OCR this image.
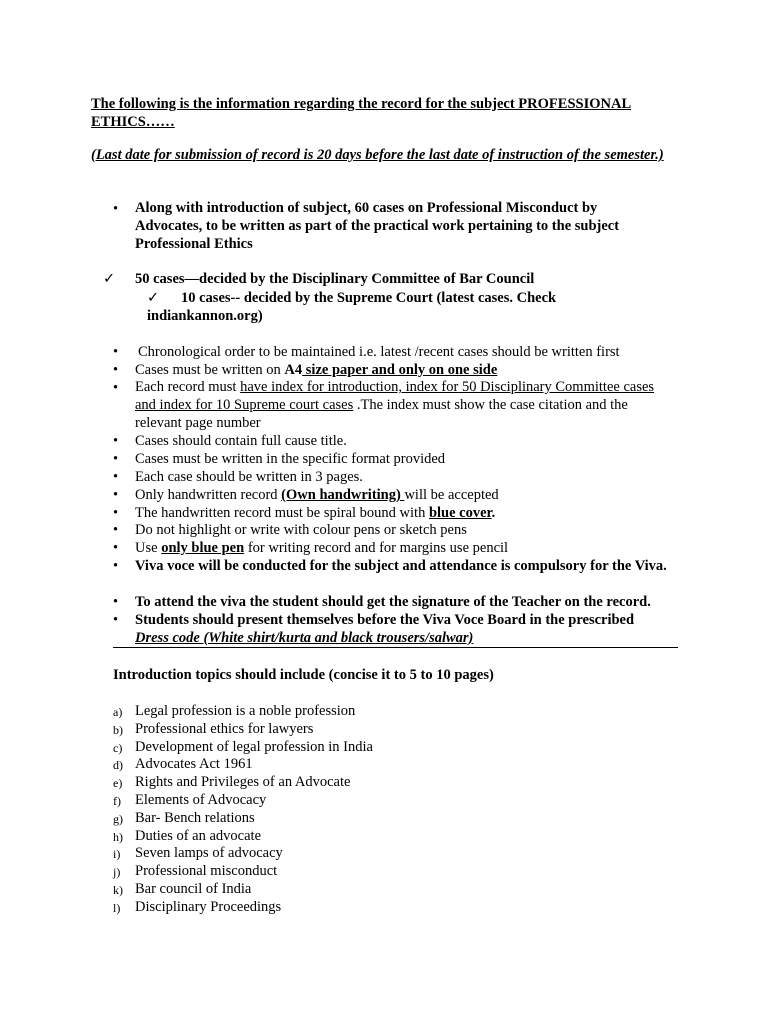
The following is the information regarding the record for the subject PROFESSIONAL ETHICS……
(Last date for submission of record is 20 days before the last date of instruction of the semester.)
• Along with introduction of subject, 60 cases on Professional Misconduct by Advocates, to be written as part of the practical work pertaining to the subject Professional Ethics
✓ 50 cases—decided by the Disciplinary Committee of Bar Council
✓ 10 cases-- decided by the Supreme Court (latest cases. Check
indiankannon.org)
• Chronological order to be maintained i.e. latest /recent cases should be written first
• Cases must be written on A4 size paper and only on one side
• Each record must have index for introduction, index for 50 Disciplinary Committee cases and index for 10 Supreme court cases .The index must show the case citation and the relevant page number
• Cases should contain full cause title.
• Cases must be written in the specific format provided
• Each case should be written in 3 pages.
• Only handwritten record (Own handwriting) will be accepted
• The handwritten record must be spiral bound with blue cover.
• Do not highlight or write with colour pens or sketch pens
• Use only blue pen for writing record and for margins use pencil
• Viva voce will be conducted for the subject and attendance is compulsory for the Viva.
• To attend the viva the student should get the signature of the Teacher on the record.
• Students should present themselves before the Viva Voce Board in the prescribed
Dress code (White shirt/kurta and black trousers/salwar)
Introduction topics should include (concise it to 5 to 10 pages)
a) Legal profession is a noble profession
b) Professional ethics for lawyers
c) Development of legal profession in India
d) Advocates Act 1961
e) Rights and Privileges of an Advocate
f) Elements of Advocacy
g) Bar- Bench relations
h) Duties of an advocate
i) Seven lamps of advocacy
j) Professional misconduct
k) Bar council of India
l) Disciplinary Proceedings
